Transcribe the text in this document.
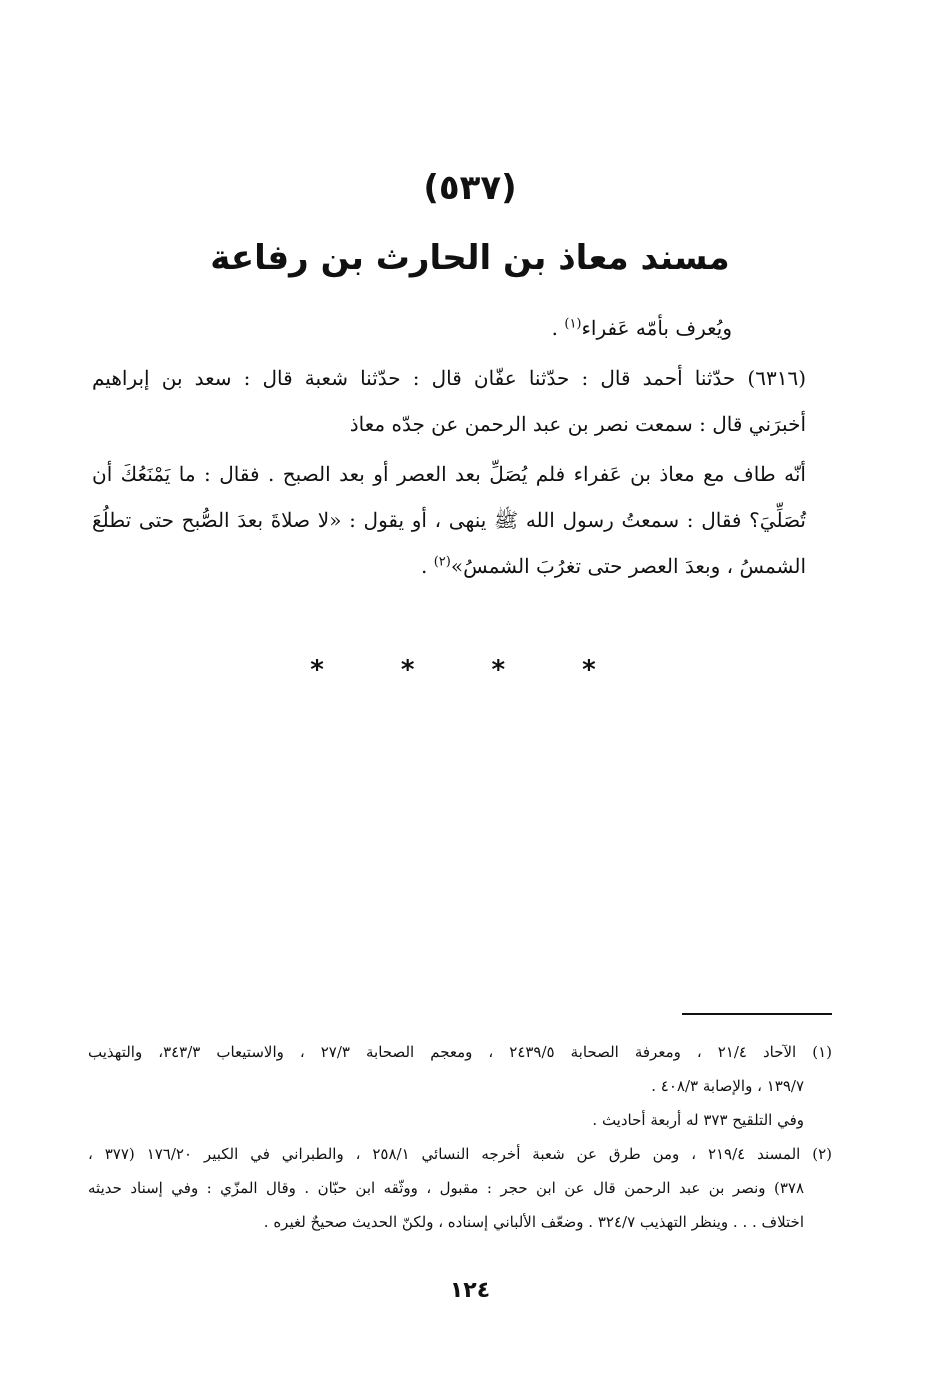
(٥٣٧)
مسند معاذ بن الحارث بن رفاعة

ويُعرف بأمّه عَفراء$^{(١)}$ .

(٦٣١٦) حدّثنا أحمد قال : حدّثنا عفّان قال : حدّثنا شعبة قال : سعد بن إبراهيم
أخبرَني قال : سمعت نصر بن عبد الرحمن عن جدّه معاذ

أنّه طاف مع معاذ بن عَفراء فلم يُصَلِّ بعد العصر أو بعد الصبح . فقال : ما يَمْنَعُكَ أن
تُصَلِّيَ؟ فقال : سمعتُ رسول الله ﷺ ينهى ، أو يقول : «لا صلاةَ بعدَ الصُّبح حتى تطلُعَ
الشمسُ ، وبعدَ العصر حتى تغرُبَ الشمسُ»$^{(٢)}$ .

* * * *
(١) الآحاد ٢١/٤ ، ومعرفة الصحابة ٢٤٣٩/٥ ، ومعجم الصحابة ٢٧/٣ ، والاستيعاب ٣٤٣/٣، والتهذيب
١٣٩/٧ ، والإصابة ٤٠٨/٣ .
وفي التلقيح ٣٧٣ له أربعة أحاديث .
(٢) المسند ٢١٩/٤ ، ومن طرق عن شعبة أخرجه النسائي ٢٥٨/١ ، والطبراني في الكبير ١٧٦/٢٠ (٣٧٧ ،
٣٧٨) ونصر بن عبد الرحمن قال عن ابن حجر : مقبول ، ووثّقه ابن حبّان . وقال المزّي : وفي إسناد حديثه
اختلاف . . . وينظر التهذيب ٣٢٤/٧ . وضعّف الألباني إسناده ، ولكنّ الحديث صحيحٌ لغيره .
١٢٤
